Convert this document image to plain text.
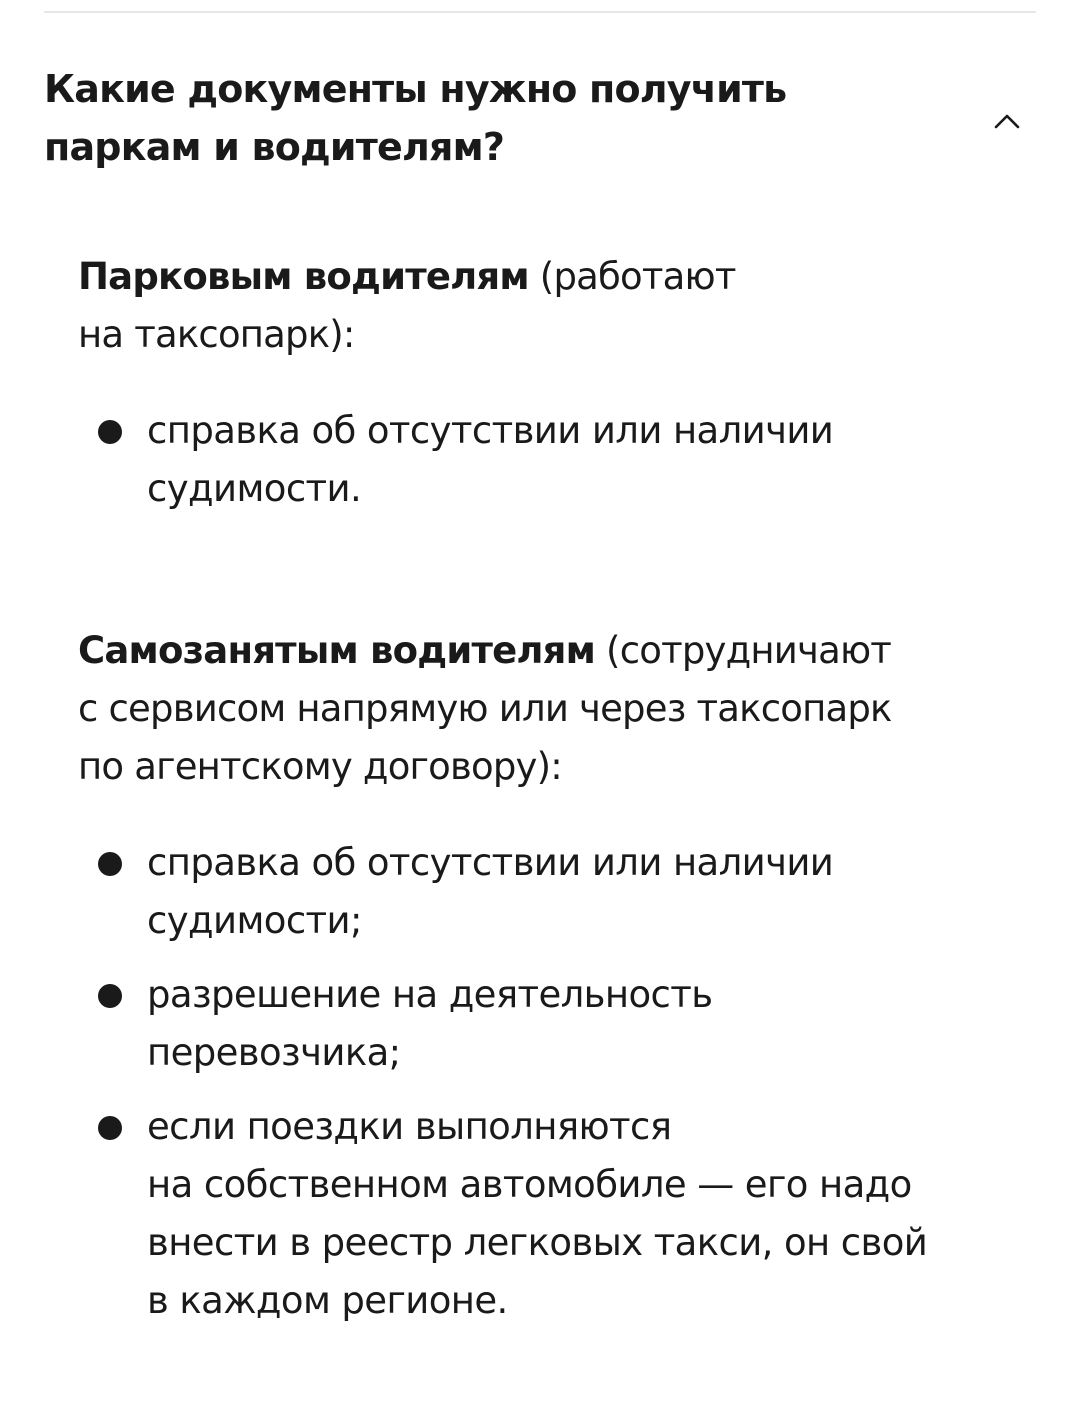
Какие документы нужно получить
паркам и водителям?

Парковым водителям (работают
на таксопарк):

справка об отсутствии или наличии
судимости.

Самозанятым водителям (сотрудничают
с сервисом напрямую или через таксопарк
по агентскому договору):

справка об отсутствии или наличии
судимости;
разрешение на деятельность
перевозчика;
если поездки выполняются
на собственном автомобиле — его надо
внести в реестр легковых такси, он свой
в каждом регионе.
